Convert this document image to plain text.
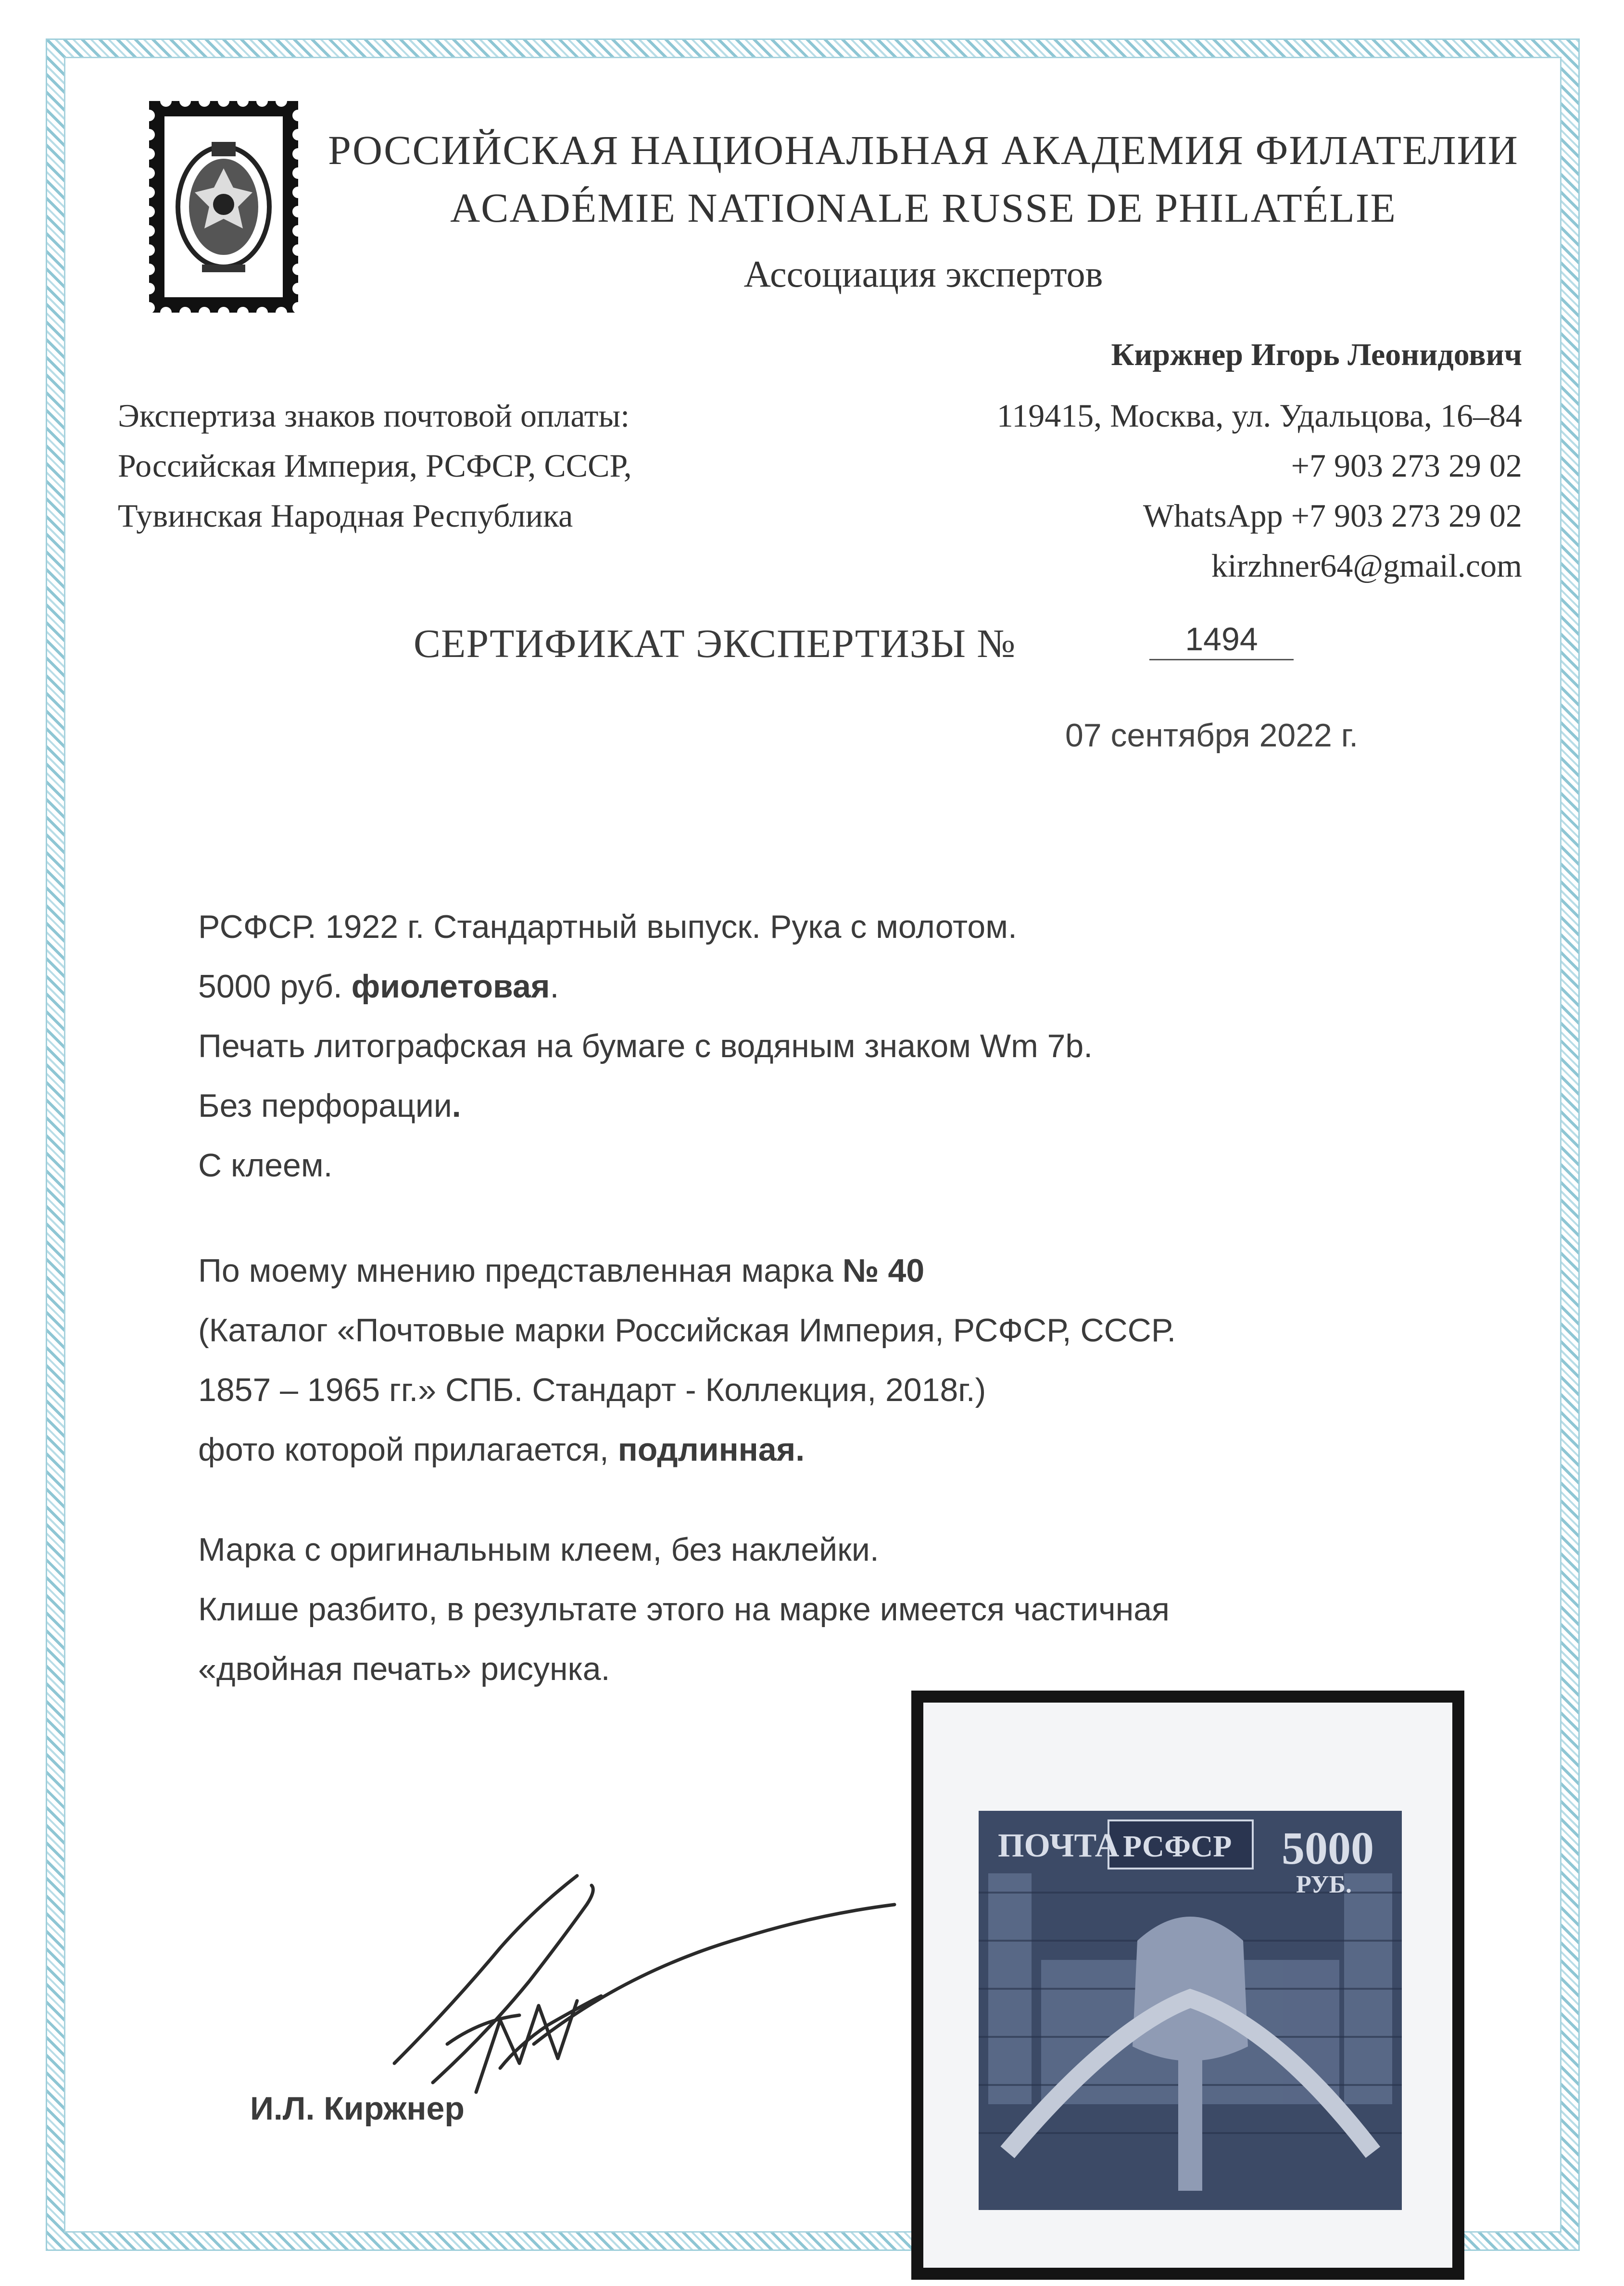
РОССИЙСКАЯ НАЦИОНАЛЬНАЯ АКАДЕМИЯ ФИЛАТЕЛИИ
ACADÉMIE NATIONALE RUSSE DE PHILATÉLIE
Ассоциация экспертов
Киржнер Игорь Леонидович
Экспертиза знаков почтовой оплаты:
Российская Империя, РСФСР, СССР,
Тувинская Народная Республика
119415, Москва, ул. Удальцова, 16–84
+7 903 273 29 02
WhatsApp +7 903 273 29 02
kirzhner64@gmail.com
СЕРТИФИКАТ ЭКСПЕРТИЗЫ №	1494
07 сентября 2022 г.
РСФСР. 1922 г. Стандартный выпуск. Рука с молотом.
5000 руб. фиолетовая.
Печать литографская на бумаге с водяным знаком Wm 7b.
Без перфорации.
С клеем.
По моему мнению представленная марка № 40
(Каталог «Почтовые марки Российская Империя, РСФСР, СССР.
1857 – 1965 гг.» СПБ. Стандарт - Коллекция, 2018г.)
фото которой прилагается, подлинная.
Марка с оригинальным клеем, без наклейки.
Клише разбито, в результате этого на марке имеется частичная
«двойная печать» рисунка.
ПОЧТА РСФСР 5000
РУБ.
И.Л. Киржнер
